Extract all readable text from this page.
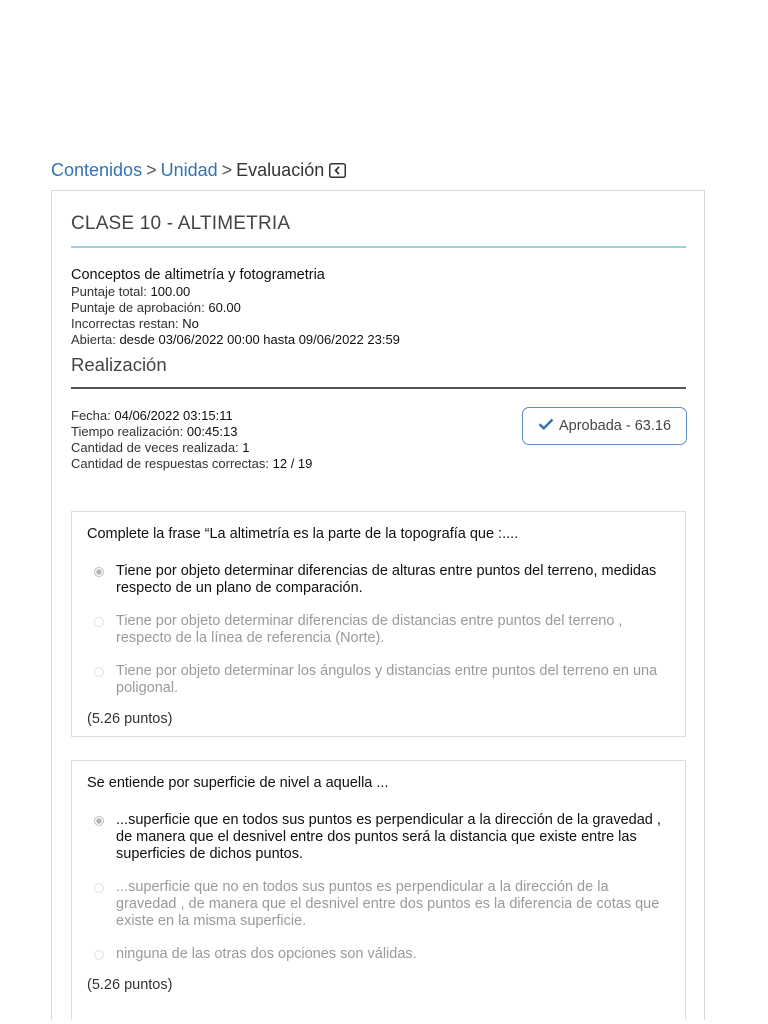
Contenidos > Unidad > Evaluación
CLASE 10 - ALTIMETRIA
Conceptos de altimetría y fotogrametria
Puntaje total: 100.00
Puntaje de aprobación: 60.00
Incorrectas restan: No
Abierta: desde 03/06/2022 00:00 hasta 09/06/2022 23:59
Realización
Fecha: 04/06/2022 03:15:11
Tiempo realización: 00:45:13
Cantidad de veces realizada: 1
Cantidad de respuestas correctas: 12 / 19
Aprobada - 63.16

Complete la frase “La altimetría es la parte de la topografía que :....

Tiene por objeto determinar diferencias de alturas entre puntos del terreno, medidas respecto de un plano de comparación.
Tiene por objeto determinar diferencias de distancias entre puntos del terreno , respecto de la línea de referencia (Norte).
Tiene por objeto determinar los ángulos y distancias entre puntos del terreno en una poligonal.
(5.26 puntos)

Se entiende por superficie de nivel a aquella ...

...superficie que en todos sus puntos es perpendicular a la dirección de la gravedad , de manera que el desnivel entre dos puntos será la distancia que existe entre las superficies de dichos puntos.
...superficie que no en todos sus puntos es perpendicular a la dirección de la gravedad , de manera que el desnivel entre dos puntos es la diferencia de cotas que existe en la misma superficie.
ninguna de las otras dos opciones son válidas.
(5.26 puntos)
